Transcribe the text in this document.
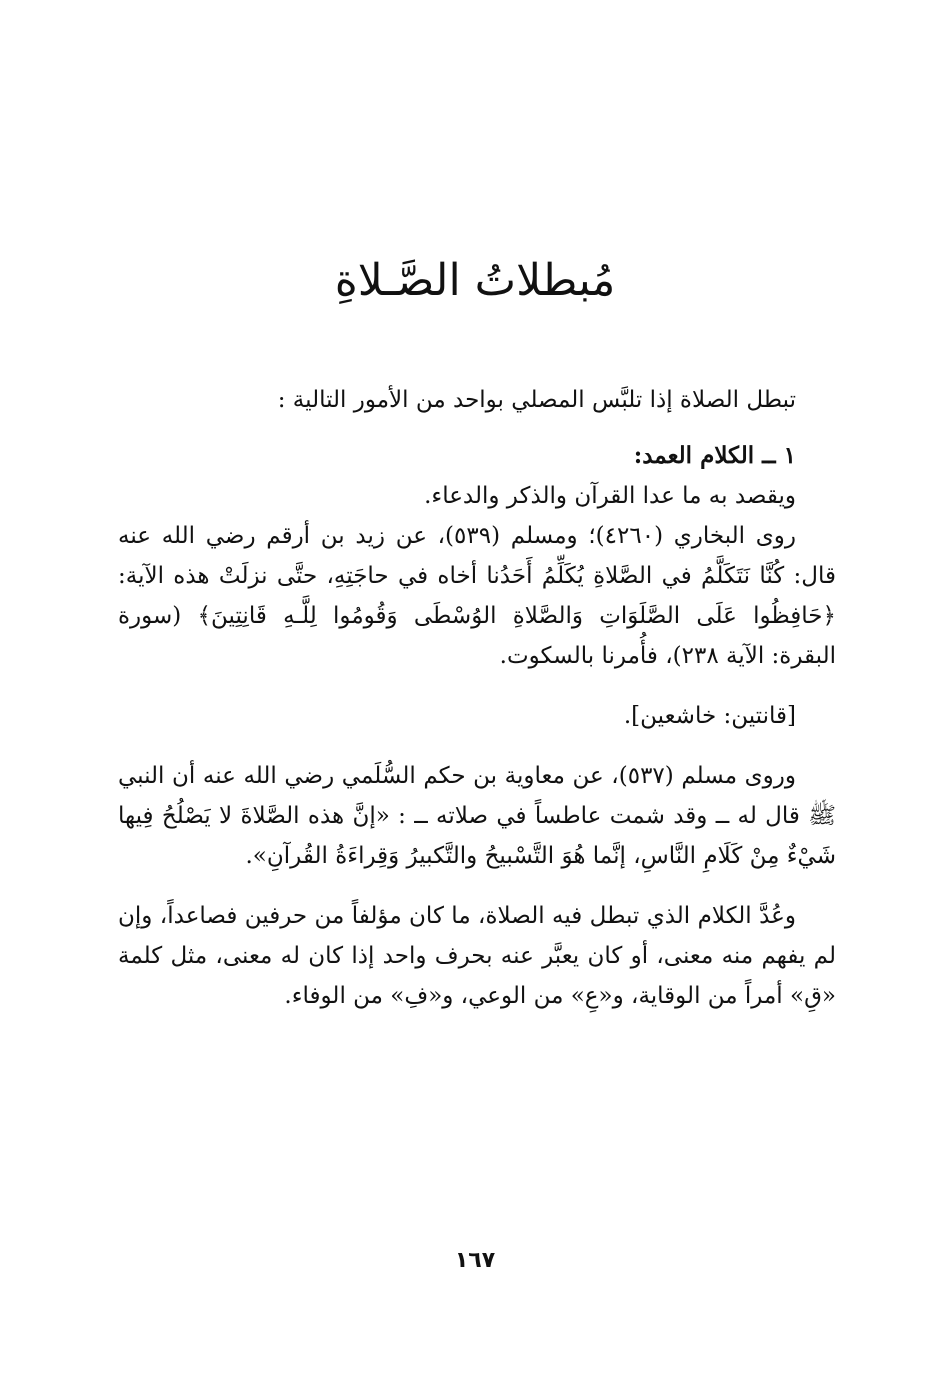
مُبطلاتُ الصَّـلاةِ

تبطل الصلاة إذا تلبَّس المصلي بواحد من الأمور التالية :

١ ــ الكلام العمد:

ويقصد به ما عدا القرآن والذكر والدعاء.

روى البخاري (٤٢٦٠)؛ ومسلم (٥٣٩)، عن زيد بن أرقم رضي الله عنه قال: كُنَّا نَتَكَلَّمُ في الصَّلاةِ يُكَلِّمُ أَحَدُنا أخاه في حاجَتِهِ، حتَّى نزلَتْ هذه الآية: ﴿حَافِظُوا عَلَى الصَّلَوَاتِ وَالصَّلاةِ الوُسْطَى وَقُومُوا لِلَّـهِ قَانِتِينَ﴾ (سورة البقرة: الآية ٢٣٨)، فأُمرنا بالسكوت.

[قانتين: خاشعين].

وروى مسلم (٥٣٧)، عن معاوية بن حكم السُّلَمي رضي الله عنه أن النبي ﷺ قال له ــ وقد شمت عاطساً في صلاته ــ : «إنَّ هذه الصَّلاةَ لا يَصْلُحُ فِيها شَيْءٌ مِنْ كَلَامِ النَّاسِ، إنَّما هُوَ التَّسْبيحُ والتَّكبيرُ وَقِراءَةُ القُرآنِ».

وعُدَّ الكلام الذي تبطل فيه الصلاة، ما كان مؤلفاً من حرفين فصاعداً، وإن لم يفهم منه معنى، أو كان يعبَّر عنه بحرف واحد إذا كان له معنى، مثل كلمة «قِ» أمراً من الوقاية، و«عِ» من الوعي، و«فِ» من الوفاء.

١٦٧
